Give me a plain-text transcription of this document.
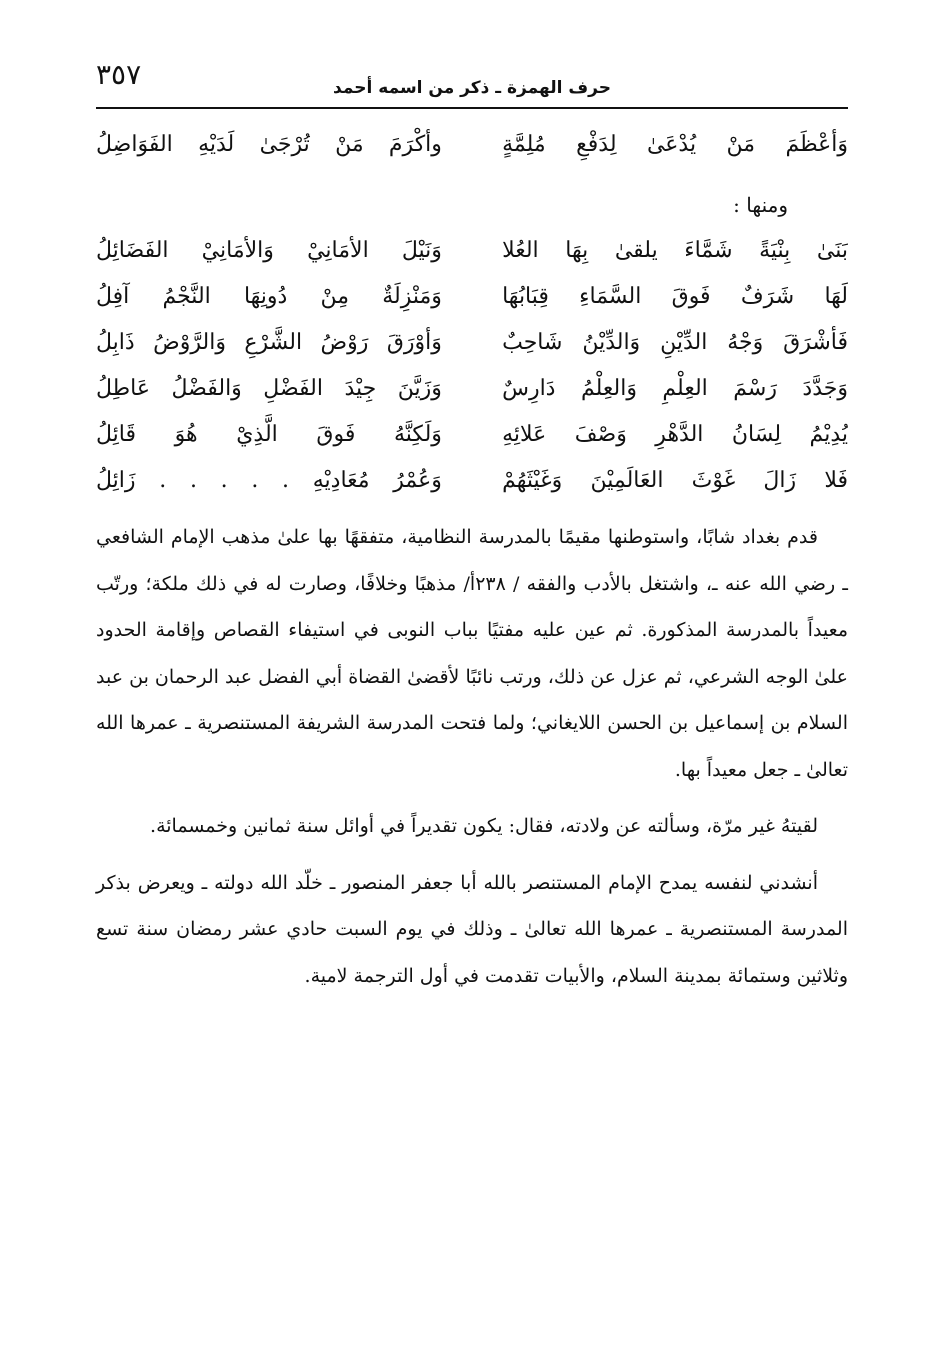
٣٥٧	حرف الهمزة ـ ذكر من اسمه أحمد
وَأعْظَمَ مَنْ يُدْعَىٰ لِدَفْعِ مُلِمَّةٍ
وأكْرَمَ مَنْ تُرْجَىٰ لَدَيْهِ الفَوَاضِلُ
ومنها :
بَنَىٰ بِنْيَةً شَمَّاءَ يلقىٰ بِهَا العُلا
وَنَيْلَ الأمَانِيْ وَالأمَانِيْ الفَضَائِلُ
لَهَا شَرَفٌ فَوقَ السَّمَاءِ قِبَابُهَا
وَمَنْزِلَةٌ مِنْ دُونِهَا النَّجْمُ آفِلُ
فَأشْرَقَ وَجْهُ الدِّيْنِ وَالدِّيْنُ شَاحِبٌ
وَأوْرَقَ رَوْضُ الشَّرْعِ وَالرَّوْضُ ذَابِلُ
وَجَدَّدَ رَسْمَ العِلْمِ وَالعِلْمُ دَارِسٌ
وَزَيَّنَ جِيْدَ الفَضْلِ وَالفَضْلُ عَاطِلُ
يُدِيْمُ لِسَانُ الدَّهْرِ وَصْفَ عَلائِهِ
وَلَكِنَّهُ فَوقَ الَّذِيْ هُوَ قَائِلُ
فَلا زَالَ غَوْثَ العَالَمِيْنَ وَغَيْثَهُمْ
وَعُمْرُ مُعَادِيْهِ . . . . . زَائِلُ

قدم بغداد شابًا، واستوطنها مقيمًا بالمدرسة النظامية، متفقهًا بها علىٰ مذهب الإمام الشافعي ـ رضي الله عنه ـ، واشتغل بالأدب والفقه / ٢٣٨أ/ مذهبًا وخلافًا، وصارت له في ذلك ملكة؛ ورتّب معيداً بالمدرسة المذكورة. ثم عين عليه مفتيًا بباب النوبى في استيفاء القصاص وإقامة الحدود علىٰ الوجه الشرعي، ثم عزل عن ذلك، ورتب نائبًا لأقضىٰ القضاة أبي الفضل عبد الرحمان بن عبد السلام بن إسماعيل بن الحسن اللايغاني؛ ولما فتحت المدرسة الشريفة المستنصرية ـ عمرها الله تعالىٰ ـ جعل معيداً بها.

لقيتهُ غير مرّة، وسألته عن ولادته، فقال: يكون تقديراً في أوائل سنة ثمانين وخمسمائة.

أنشدني لنفسه يمدح الإمام المستنصر بالله أبا جعفر المنصور ـ خلّد الله دولته ـ ويعرض بذكر المدرسة المستنصرية ـ عمرها الله تعالىٰ ـ وذلك في يوم السبت حادي عشر رمضان سنة تسع وثلاثين وستمائة بمدينة السلام، والأبيات تقدمت في أول الترجمة لامية.
